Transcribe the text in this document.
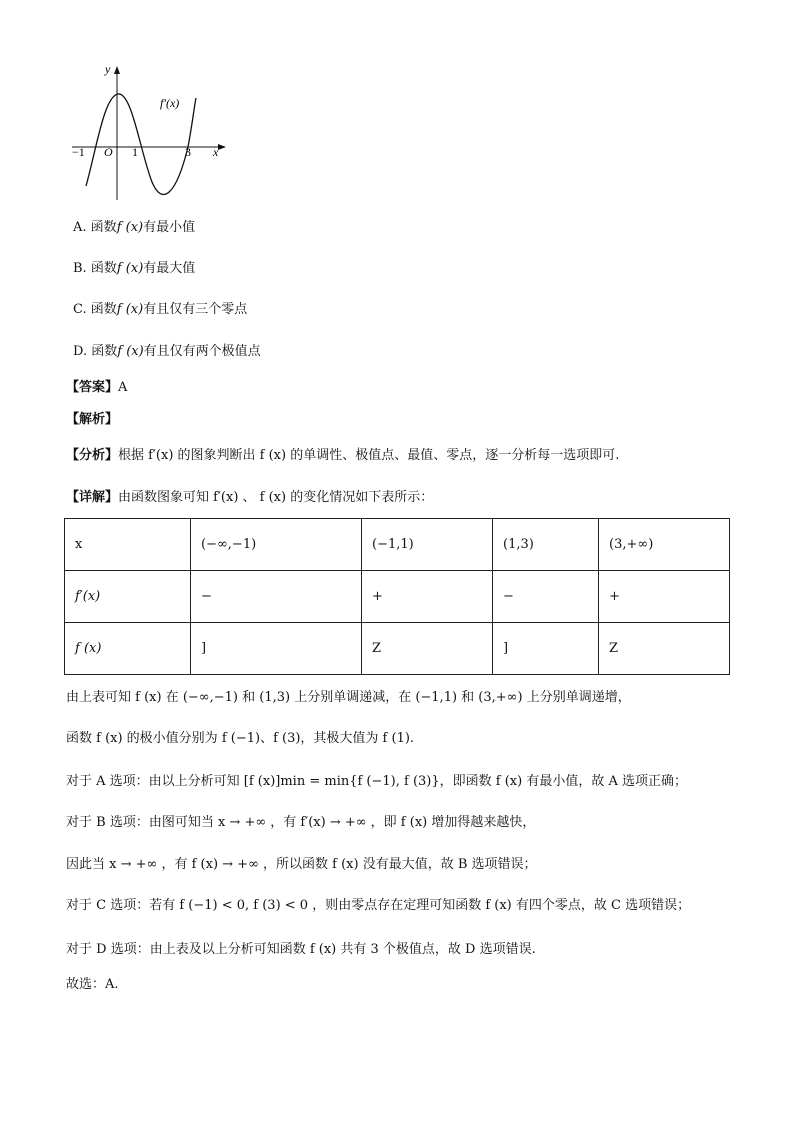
y
x
f′(x)
−1 O 1	3
A. 函数f (x)有最小值
B. 函数f (x)有最大值
C. 函数f (x)有且仅有三个零点
D. 函数f (x)有且仅有两个极值点
【答案】A
【解析】
【分析】根据 f′(x) 的图象判断出 f (x) 的单调性、极值点、最值、零点，逐一分析每一选项即可.
【详解】由函数图象可知 f′(x) 、 f (x) 的变化情况如下表所示：
x	(−∞,−1)	(−1,1)	(1,3)	(3,+∞)
f′(x)	−	+	−	+
f (x)	]	Z	]	Z
由上表可知 f (x) 在 (−∞,−1) 和 (1,3) 上分别单调递减，在 (−1,1) 和 (3,+∞) 上分别单调递增，
函数 f (x) 的极小值分别为 f (−1)、f (3)，其极大值为 f (1).
对于 A 选项：由以上分析可知 [f (x)]min = min{f (−1), f (3)}，即函数 f (x) 有最小值，故 A 选项正确；
对于 B 选项：由图可知当 x → +∞ ，有 f′(x) → +∞ ，即 f (x) 增加得越来越快，
因此当 x → +∞ ，有 f (x) → +∞ ，所以函数 f (x) 没有最大值，故 B 选项错误；
对于 C 选项：若有 f (−1) < 0, f (3) < 0 ，则由零点存在定理可知函数 f (x) 有四个零点，故 C 选项错误；
对于 D 选项：由上表及以上分析可知函数 f (x) 共有 3 个极值点，故 D 选项错误.
故选：A.
